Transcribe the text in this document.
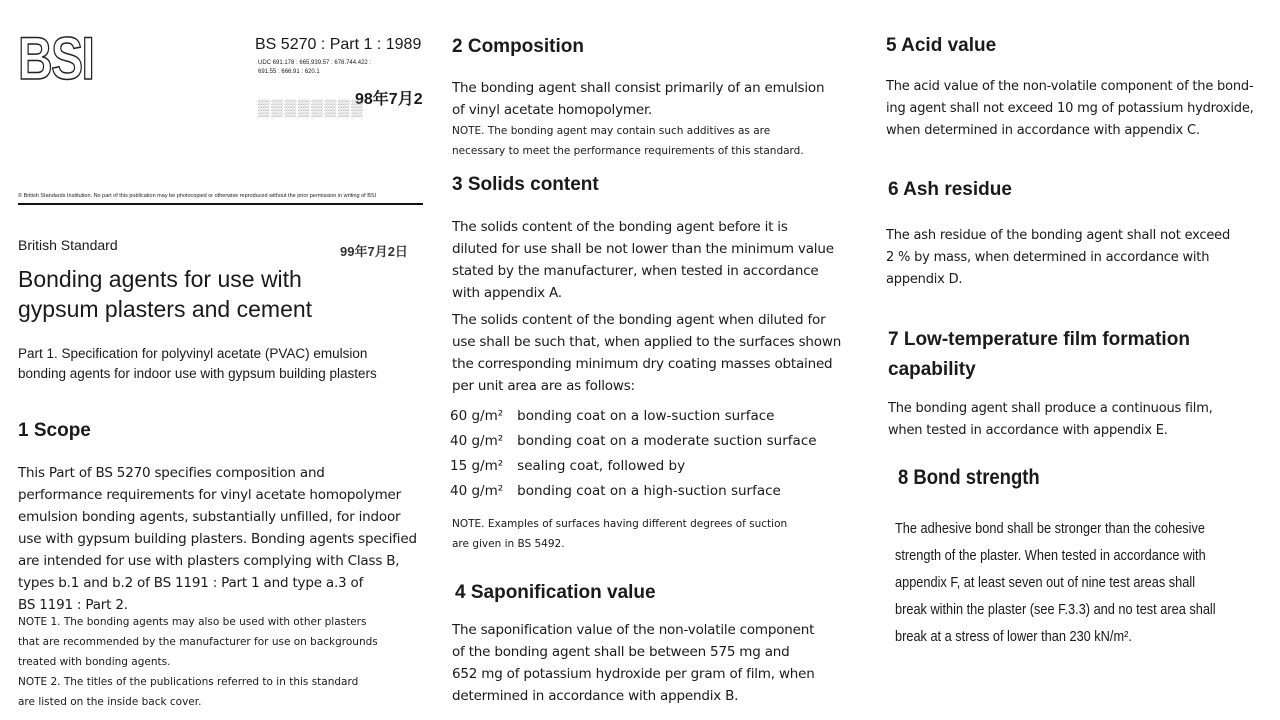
BSI	BS 5270 : Part 1 : 1989
UDC 691.178 : 665.939.57 : 678.744.422 :
691.55 : 666.91 : 620.1
98年7月2
▒▒▒▒▒▒▒▒
© British Standards Institution. No part of this publication may be photocopied or otherwise reproduced without the prior permission in writing of BSI
British Standard	99年7月2日
Bonding agents for use with
gypsum plasters and cement
Part 1. Specification for polyvinyl acetate (PVAC) emulsion
bonding agents for indoor use with gypsum building plasters
1 Scope
This Part of BS 5270 specifies composition and
performance requirements for vinyl acetate homopolymer
emulsion bonding agents, substantially unfilled, for indoor
use with gypsum building plasters. Bonding agents specified
are intended for use with plasters complying with Class B,
types b.1 and b.2 of BS 1191 : Part 1 and type a.3 of
BS 1191 : Part 2.
NOTE 1. The bonding agents may also be used with other plasters
that are recommended by the manufacturer for use on backgrounds
treated with bonding agents.
NOTE 2. The titles of the publications referred to in this standard
are listed on the inside back cover.
2 Composition
The bonding agent shall consist primarily of an emulsion
of vinyl acetate homopolymer.
NOTE. The bonding agent may contain such additives as are
necessary to meet the performance requirements of this standard.
3 Solids content
The solids content of the bonding agent before it is
diluted for use shall be not lower than the minimum value
stated by the manufacturer, when tested in accordance
with appendix A.
The solids content of the bonding agent when diluted for
use shall be such that, when applied to the surfaces shown
the corresponding minimum dry coating masses obtained
per unit area are as follows:
60 g/m²	bonding coat on a low-suction surface
40 g/m²	bonding coat on a moderate suction surface
15 g/m²	sealing coat, followed by
40 g/m²	bonding coat on a high-suction surface
NOTE. Examples of surfaces having different degrees of suction
are given in BS 5492.
4 Saponification value
The saponification value of the non-volatile component
of the bonding agent shall be between 575 mg and
652 mg of potassium hydroxide per gram of film, when
determined in accordance with appendix B.
5 Acid value
The acid value of the non-volatile component of the bond-
ing agent shall not exceed 10 mg of potassium hydroxide,
when determined in accordance with appendix C.
6 Ash residue
The ash residue of the bonding agent shall not exceed
2 % by mass, when determined in accordance with
appendix D.
7 Low-temperature film formation
capability
The bonding agent shall produce a continuous film,
when tested in accordance with appendix E.
8 Bond strength
The adhesive bond shall be stronger than the cohesive
strength of the plaster. When tested in accordance with
appendix F, at least seven out of nine test areas shall
break within the plaster (see F.3.3) and no test area shall
break at a stress of lower than 230 kN/m².
